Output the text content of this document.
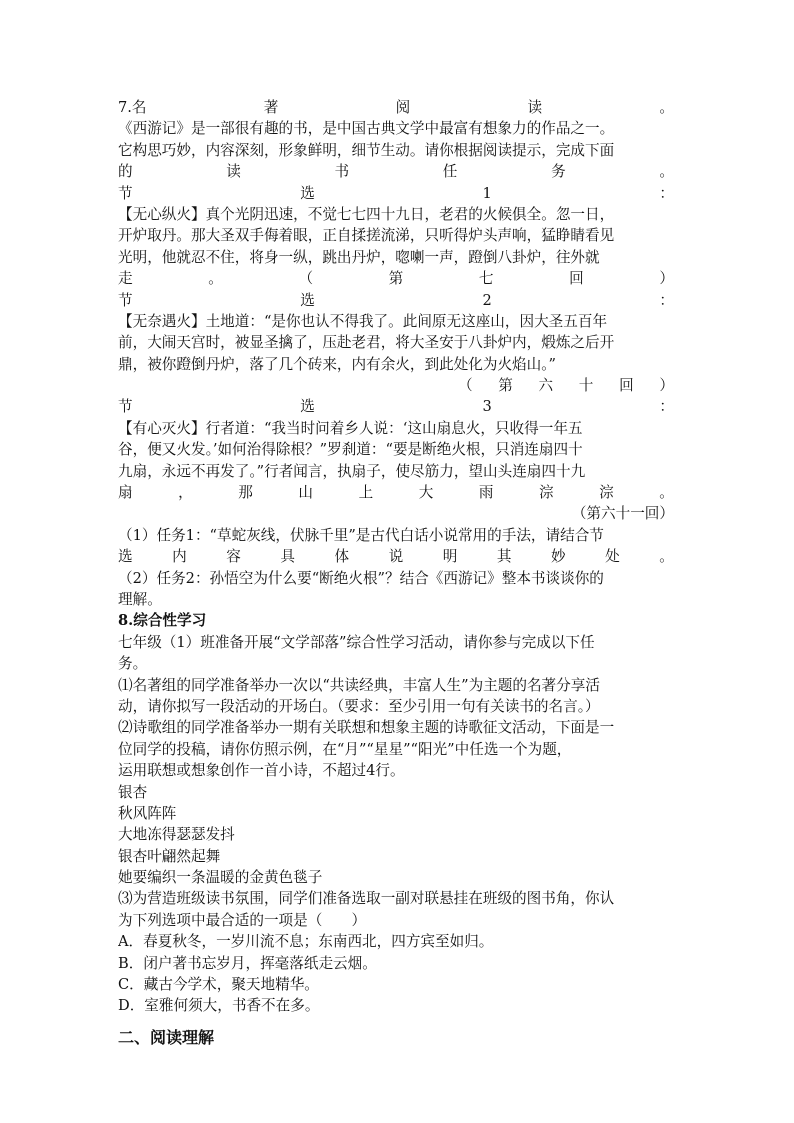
7.名	著	阅	读	。
《西游记》是一部很有趣的书，是中国古典文学中最富有想象力的作品之一。
它构思巧妙，内容深刻，形象鲜明，细节生动。请你根据阅读提示，完成下面
的	读	书	任	务	。
节	选	1	：
【无心纵火】真个光阴迅速，不觉七七四十九日，老君的火候俱全。忽一日，
开炉取丹。那大圣双手侮着眼，正自揉搓流涕，只听得炉头声响，猛睁睛看见
光明，他就忍不住，将身一纵，跳出丹炉，唿喇一声，蹬倒八卦炉，往外就
走	。	（	第	七	回	）
节	选	2	：
【无奈遇火】土地道：“是你也认不得我了。此间原无这座山，因大圣五百年
前，大闹天宫时，被显圣擒了，压赴老君，将大圣安于八卦炉内，煅炼之后开
鼎，被你蹬倒丹炉，落了几个砖来，内有余火，到此处化为火焰山。”
（ 第 六 十 回 ）
节	选	3	：
【有心灭火】行者道：“我当时问着乡人说：‘这山扇息火，只收得一年五
谷，便又火发。’如何治得除根？”罗刹道：“要是断绝火根，只消连扇四十
九扇，永远不再发了。”行者闻言，执扇子，使尽筋力，望山头连扇四十九
扇	，	那	山	上	大	雨	淙	淙	。
（第六十一回）
（1）任务1：“草蛇灰线，伏脉千里”是古代白话小说常用的手法，请结合节
选	内	容	具	体	说	明	其	妙	处	。
（2）任务2：孙悟空为什么要“断绝火根”？结合《西游记》整本书谈谈你的
理解。
8.综合性学习
七年级（1）班准备开展“文学部落”综合性学习活动，请你参与完成以下任
务。
⑴名著组的同学准备举办一次以“共读经典，丰富人生”为主题的名著分享活
动，请你拟写一段活动的开场白。（要求：至少引用一句有关读书的名言。）
⑵诗歌组的同学准备举办一期有关联想和想象主题的诗歌征文活动，下面是一
位同学的投稿，请你仿照示例，在“月”“星星”“阳光”中任选一个为题，
运用联想或想象创作一首小诗，不超过4行。
银杏
秋风阵阵
大地冻得瑟瑟发抖
银杏叶翩然起舞
她要编织一条温暖的金黄色毯子
⑶为营造班级读书氛围，同学们准备选取一副对联悬挂在班级的图书角，你认
为下列选项中最合适的一项是（　　）
A．春夏秋冬，一岁川流不息；东南西北，四方宾至如归。
B．闭户著书忘岁月，挥毫落纸走云烟。
C．藏古今学术，聚天地精华。
D．室雅何须大，书香不在多。
二、阅读理解
